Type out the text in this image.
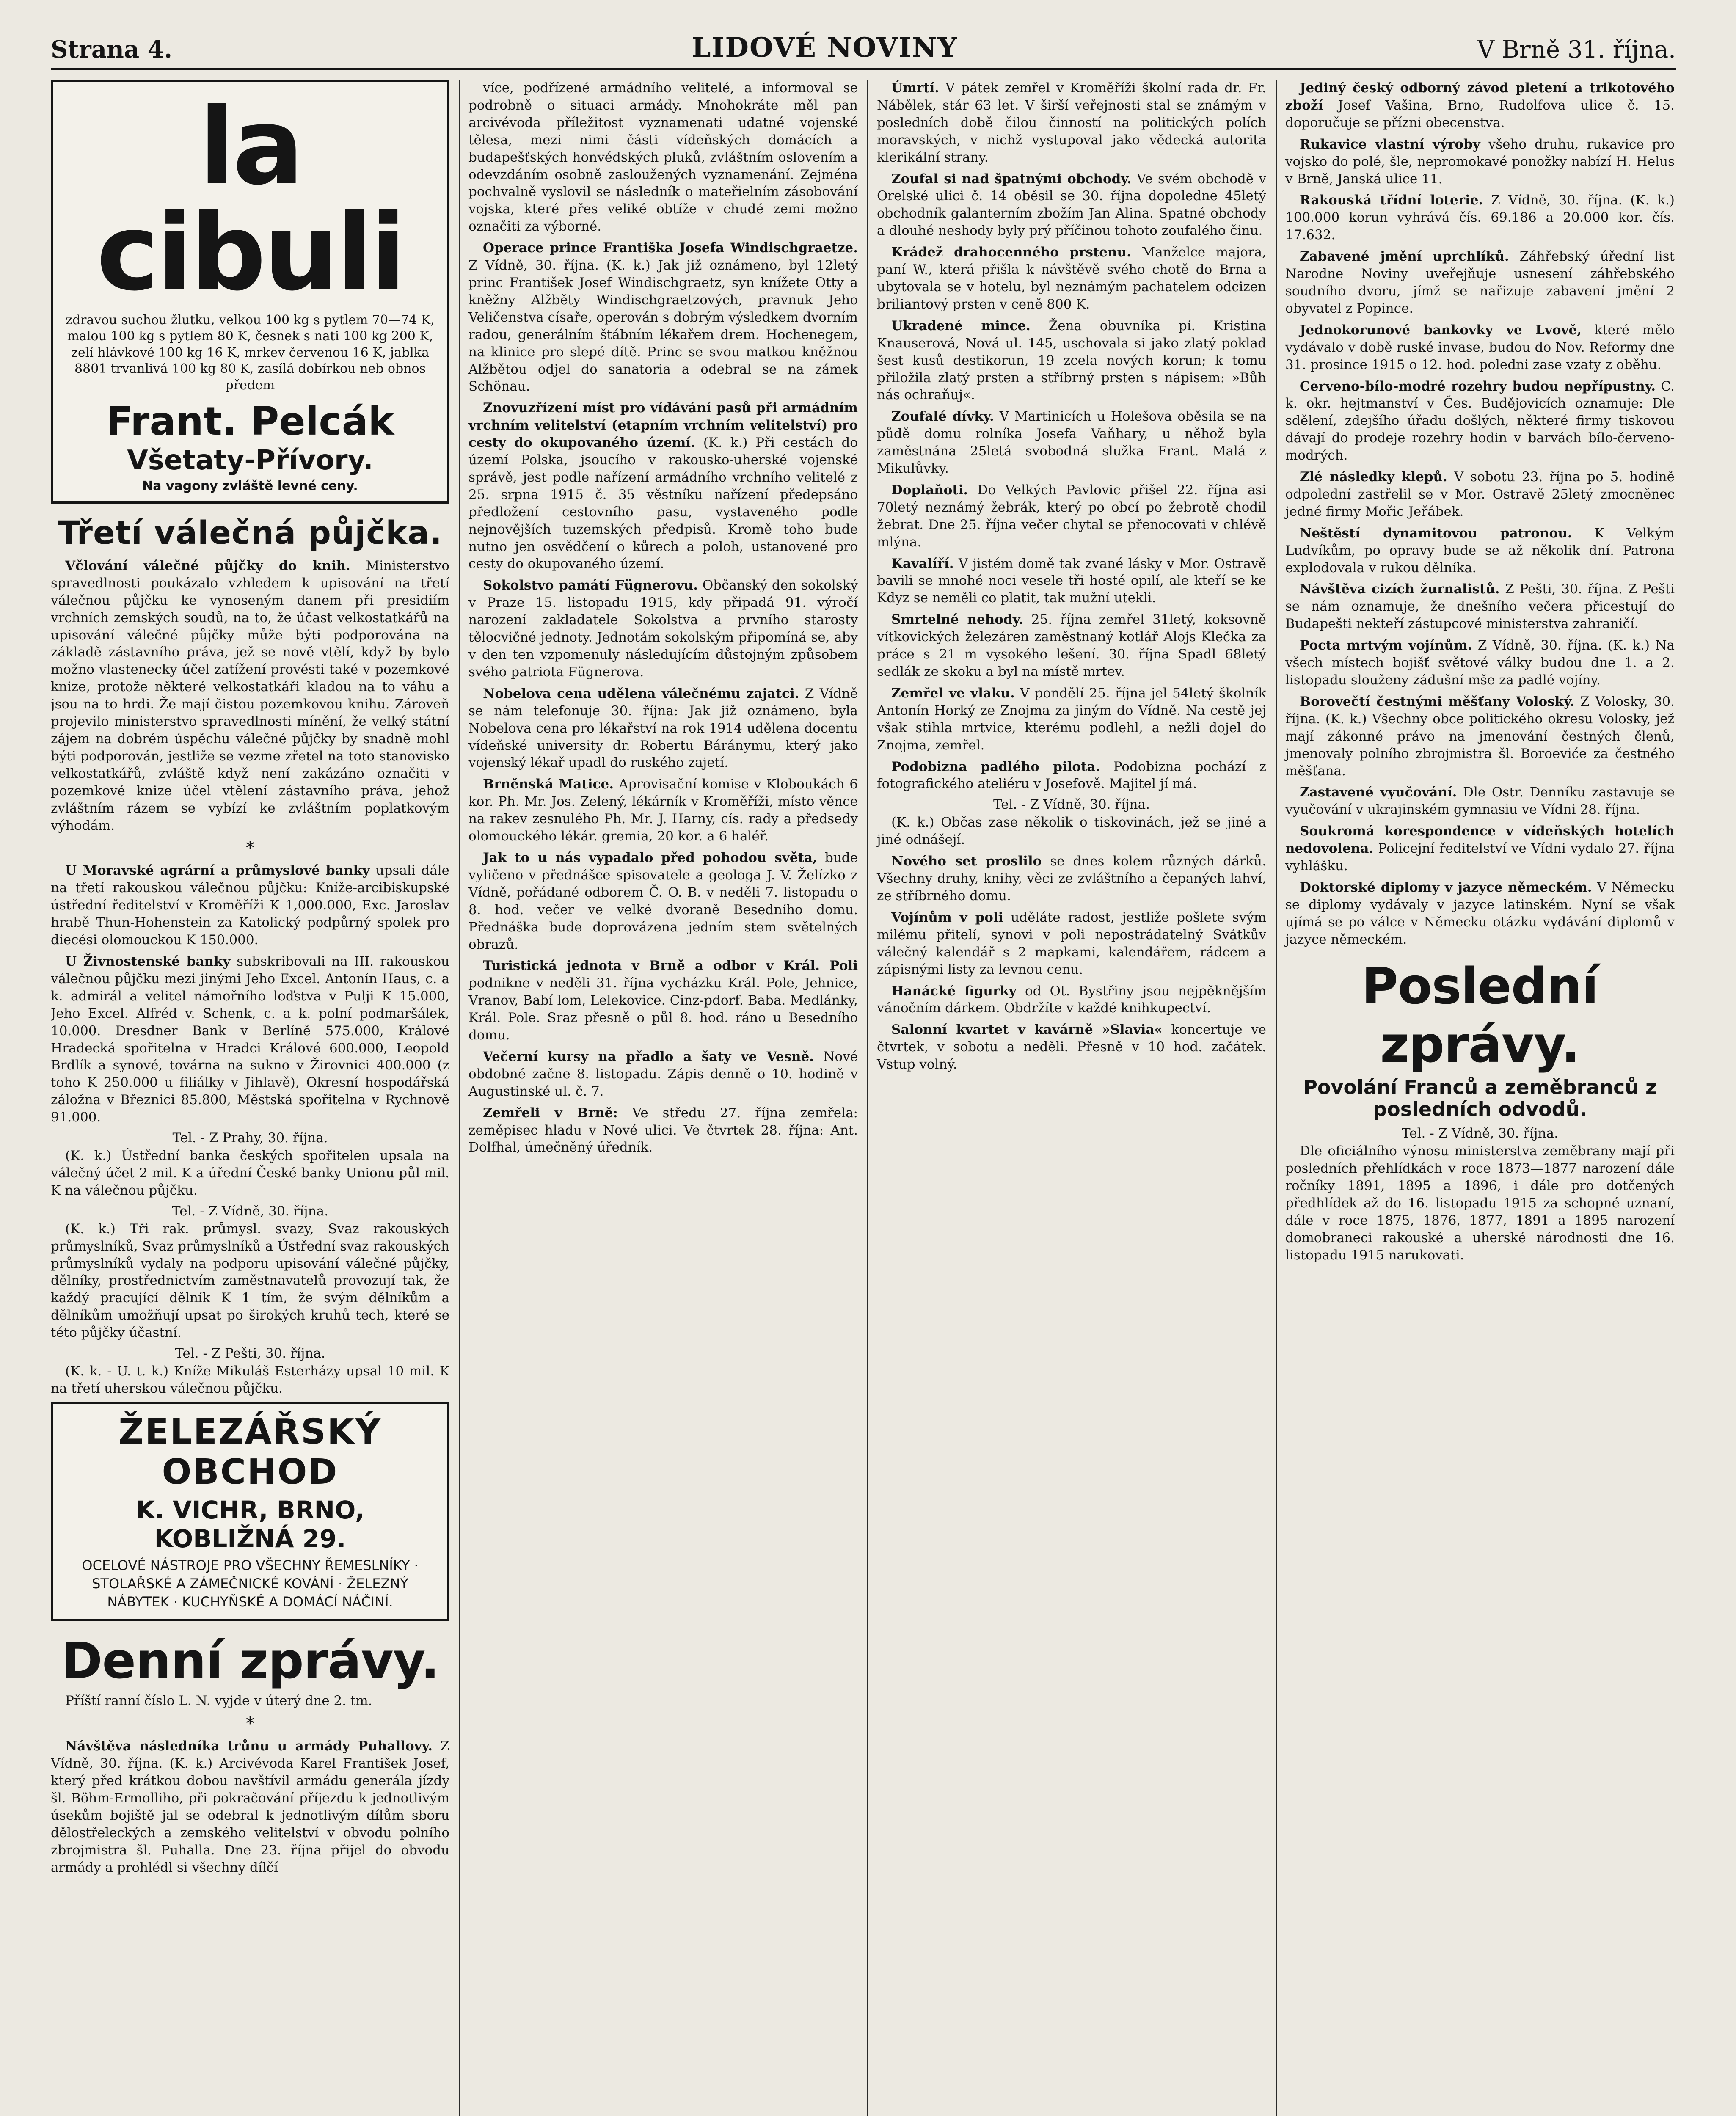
Strana 4.	LIDOVÉ NOVINY	V Brně 31. října.
la cibuli
zdravou suchou žlutku, velkou 100 kg s pytlem 70—74 K, malou 100 kg s pytlem 80 K, česnek s nati 100 kg 200 K, zelí hlávkové 100 kg 16 K, mrkev červenou 16 K, jablka 8801 trvanlivá 100 kg 80 K, zasílá dobírkou neb obnos předem
Frant. Pelcák
Všetaty-Přívory.
Na vagony zvláště levné ceny.
Třetí válečná půjčka.

Včlování válečné půjčky do knih. Ministerstvo spravedlnosti poukázalo vzhledem k upisování na třetí válečnou půjčku ke vynoseným danem při presidiím vrchních zemských soudů, na to, že účast velkostatkářů na upisování válečné půjčky může býti podporována na základě zástavního práva, jež se nově vtělí, když by bylo možno vlastenecky účel zatížení provésti také v pozemkové knize, protože některé velkostatkáři kladou na to váhu a jsou na to hrdi. Že mají čistou pozemkovou knihu. Zároveň projevilo ministerstvo spravedlnosti mínění, že velký státní zájem na dobrém úspěchu válečné půjčky by snadně mohl býti podporován, jestliže se vezme zřetel na toto stanovisko velkostatkářů, zvláště když není zakázáno označiti v pozemkové knize účel vtělení zástavního práva, jehož zvláštním rázem se vybízí ke zvláštním poplatkovým výhodám.

*

U Moravské agrární a průmyslové banky upsali dále na třetí rakouskou válečnou půjčku: Kníže-arcibiskupské ústřední ředitelství v Kroměříži K 1,000.000, Exc. Jaroslav hrabě Thun-Hohenstein za Katolický podpůrný spolek pro diecési olomouckou K 150.000.

U Živnostenské banky subskribovali na III. rakouskou válečnou půjčku mezi jinými Jeho Excel. Antonín Haus, c. a k. admirál a velitel námořního loďstva v Pulji K 15.000, Jeho Excel. Alfréd v. Schenk, c. a k. polní podmaršálek, 10.000. Dresdner Bank v Berlíně 575.000, Králové Hradecká spořitelna v Hradci Králové 600.000, Leopold Brdlík a synové, továrna na sukno v Žirovnici 400.000 (z toho K 250.000 u filiálky v Jihlavě), Okresní hospodářská záložna v Březnici 85.800, Městská spořitelna v Rychnově 91.000.

Tel. - Z Prahy, 30. října.

(K. k.) Ústřední banka českých spořitelen upsala na válečný účet 2 mil. K a úřední České banky Unionu půl mil. K na válečnou půjčku.

Tel. - Z Vídně, 30. října.

(K. k.) Tři rak. průmysl. svazy, Svaz rakouských průmyslníků, Svaz průmyslníků a Ústřední svaz rakouských průmyslníků vydaly na podporu upisování válečné půjčky, dělníky, prostřednictvím zaměstnavatelů provozují tak, že každý pracující dělník K 1 tím, že svým dělníkům a dělníkům umožňují upsat po širokých kruhů tech, které se této půjčky účastní.

Tel. - Z Pešti, 30. října.

(K. k. - U. t. k.) Kníže Mikuláš Esterházy upsal 10 mil. K na třetí uherskou válečnou půjčku.

ŽELEZÁŘSKÝ OBCHOD
K. VICHR, BRNO, KOBLIŽNÁ 29.
OCELOVÉ NÁSTROJE PRO VŠECHNY ŘEMESLNÍKY · STOLAŘSKÉ A ZÁMEČNICKÉ KOVÁNÍ · ŽELEZNÝ NÁBYTEK · KUCHYŇSKÉ A DOMÁCÍ NÁČINÍ.
Denní zprávy.

Příští ranní číslo L. N. vyjde v úterý dne 2. tm.

*

Návštěva následníka trůnu u armády Puhallovy. Z Vídně, 30. října. (K. k.) Arcivévoda Karel František Josef, který před krátkou dobou navštívil armádu generála jízdy šl. Böhm-Ermolliho, při pokračování příjezdu k jednotlivým úsekům bojiště jal se odebral k jednotlivým dílům sboru dělostřeleckých a zemského velitelství v obvodu polního zbrojmistra šl. Puhalla. Dne 23. října přijel do obvodu armády a prohlédl si všechny dílčí

více, podřízené armádního velitelé, a informoval se podrobně o situaci armády. Mnohokráte měl pan arcivévoda příležitost vyznamenati udatné vojenské tělesa, mezi nimi části vídeňských domácích a budapešťských honvédských pluků, zvláštním oslovením a odevzdáním osobně zasloužených vyznamenání. Zejména pochvalně vyslovil se následník o mateřielním zásobování vojska, které přes veliké obtíže v chudé zemi možno označiti za výborné.

Operace prince Františka Josefa Windischgraetze. Z Vídně, 30. října. (K. k.) Jak již oznámeno, byl 12letý princ František Josef Windischgraetz, syn knížete Otty a kněžny Alžběty Windischgraetzových, pravnuk Jeho Veličenstva císaře, operován s dobrým výsledkem dvorním radou, generálním štábním lékařem drem. Hochenegem, na klinice pro slepé dítě. Princ se svou matkou kněžnou Alžbětou odjel do sanatoria a odebral se na zámek Schönau.

Znovuzřízení míst pro vídávání pasů při armádním vrchním velitelství (etapním vrchním velitelství) pro cesty do okupovaného území. (K. k.) Při cestách do území Polska, jsoucího v rakousko-uherské vojenské správě, jest podle nařízení armádního vrchního velitelé z 25. srpna 1915 č. 35 věstníku nařízení předepsáno předložení cestovního pasu, vystaveného podle nejnovějších tuzemských předpisů. Kromě toho bude nutno jen osvědčení o kůrech a poloh, ustanovené pro cesty do okupovaného území.

Sokolstvo památí Fügnerovu. Občanský den sokolský v Praze 15. listopadu 1915, kdy připadá 91. výročí narození zakladatele Sokolstva a prvního starosty tělocvičné jednoty. Jednotám sokolským připomíná se, aby v den ten vzpomenuly následujícím důstojným způsobem svého patriota Fügnerova.

Nobelova cena udělena válečnému zajatci. Z Vídně se nám telefonuje 30. října: Jak již oznámeno, byla Nobelova cena pro lékařství na rok 1914 udělena docentu vídeňské university dr. Robertu Báránymu, který jako vojenský lékař upadl do ruského zajetí.

Brněnská Matice. Aprovisační komise v Kloboukách 6 kor. Ph. Mr. Jos. Zelený, lékárník v Kroměříži, místo věnce na rakev zesnulého Ph. Mr. J. Harny, cís. rady a předsedy olomouckého lékár. gremia, 20 kor. a 6 haléř.

Jak to u nás vypadalo před pohodou světa, bude vyličeno v přednášce spisovatele a geologa J. V. Želízko z Vídně, pořádané odborem Č. O. B. v neděli 7. listopadu o 8. hod. večer ve velké dvoraně Besedního domu. Přednáška bude doprovázena jedním stem světelných obrazů.

Turistická jednota v Brně a odbor v Král. Poli podnikne v neděli 31. října vycházku Král. Pole, Jehnice, Vranov, Babí lom, Lelekovice. Cinz-pdorf. Baba. Medlánky, Král. Pole. Sraz přesně o půl 8. hod. ráno u Besedního domu.

Večerní kursy na přadlo a šaty ve Vesně. Nové obdobné začne 8. listopadu. Zápis denně o 10. hodině v Augustinské ul. č. 7.

Zemřeli v Brně: Ve středu 27. října zemřela: zeměpisec hladu v Nové ulici. Ve čtvrtek 28. října: Ant. Dolfhal, úmečněný úředník.

Úmrtí. V pátek zemřel v Kroměříži školní rada dr. Fr. Nábělek, stár 63 let. V širší veřejnosti stal se známým v posledních době čilou činností na politických polích moravských, v nichž vystupoval jako vědecká autorita klerikální strany.

Zoufal si nad špatnými obchody. Ve svém obchodě v Orelské ulici č. 14 oběsil se 30. října dopoledne 45letý obchodník galanterním zbožím Jan Alina. Spatné obchody a dlouhé neshody byly prý příčinou tohoto zoufalého činu.

Krádež drahocenného prstenu. Manželce majora, paní W., která přišla k návštěvě svého chotě do Brna a ubytovala se v hotelu, byl neznámým pachatelem odcizen briliantový prsten v ceně 800 K.

Ukradené mince. Žena obuvníka pí. Kristina Knauserová, Nová ul. 145, uschovala si jako zlatý poklad šest kusů destikorun, 19 zcela nových korun; k tomu přiložila zlatý prsten a stříbrný prsten s nápisem: »Bůh nás ochraňuj«.

Zoufalé dívky. V Martinicích u Holešova oběsila se na půdě domu rolníka Josefa Vaňhary, u něhož byla zaměstnána 25letá svobodná služka Frant. Malá z Mikulůvky.

Doplaňoti. Do Velkých Pavlovic přišel 22. října asi 70letý neznámý žebrák, který po obcí po žebrotě chodil žebrat. Dne 25. října večer chytal se přenocovati v chlévě mlýna.

Kavalíří. V jistém domě tak zvané lásky v Mor. Ostravě bavili se mnohé noci vesele tři hosté opilí, ale kteří se ke Kdyz se neměli co platit, tak mužní utekli.

Smrtelné nehody. 25. října zemřel 31letý, koksovně vítkovických železáren zaměstnaný kotlář Alojs Klečka za práce s 21 m vysokého lešení. 30. října Spadl 68letý sedlák ze skoku a byl na místě mrtev.

Zemřel ve vlaku. V pondělí 25. října jel 54letý školník Antonín Horký ze Znojma za jiným do Vídně. Na cestě jej však stihla mrtvice, kterému podlehl, a nežli dojel do Znojma, zemřel.

Podobizna padlého pilota. Podobizna pochází z fotografického ateliéru v Josefově. Majitel jí má.

Tel. - Z Vídně, 30. října.

(K. k.) Občas zase několik o tiskovinách, jež se jiné a jiné odnášejí.

Nového set proslilo se dnes kolem různých dárků. Všechny druhy, knihy, věci ze zvláštního a čepaných lahví, ze stříbrného domu.

Vojínům v poli uděláte radost, jestliže pošlete svým milému přitelí, synovi v poli nepostrádatelný Svátkův válečný kalendář s 2 mapkami, kalendářem, rádcem a zápisnými listy za levnou cenu.

Hanácké figurky od Ot. Bystřiny jsou nejpěknějším vánočním dárkem. Obdržíte v každé knihkupectví.

Salonní kvartet v kavárně »Slavia« koncertuje ve čtvrtek, v sobotu a neděli. Přesně v 10 hod. začátek. Vstup volný.

Jediný český odborný závod pletení a trikotového zboží Josef Vašina, Brno, Rudolfova ulice č. 15. doporučuje se přízni obecenstva.

Rukavice vlastní výroby všeho druhu, rukavice pro vojsko do polé, šle, nepromokavé ponožky nabízí H. Helus v Brně, Janská ulice 11.

Rakouská třídní loterie. Z Vídně, 30. října. (K. k.) 100.000 korun vyhrává čís. 69.186 a 20.000 kor. čís. 17.632.

Zabavené jmění uprchlíků. Záhřebský úřední list Narodne Noviny uveřejňuje usnesení záhřebského soudního dvoru, jímž se nařizuje zabavení jmění 2 obyvatel z Popince.

Jednokorunové bankovky ve Lvově, které mělo vydávalo v době ruské invase, budou do Nov. Reformy dne 31. prosince 1915 o 12. hod. poledni zase vzaty z oběhu.

Cerveno-bílo-modré rozehry budou nepřípustny. C. k. okr. hejtmanství v Čes. Budějovicích oznamuje: Dle sdělení, zdejšího úřadu došlých, některé firmy tiskovou dávají do prodeje rozehry hodin v barvách bílo-červeno-modrých.

Zlé následky klepů. V sobotu 23. října po 5. hodině odpolední zastřelil se v Mor. Ostravě 25letý zmocněnec jedné firmy Mořic Jeřábek.

Neštěstí dynamitovou patronou. K Velkým Ludvíkům, po opravy bude se až několik dní. Patrona explodovala v rukou dělníka.

Návštěva cizích žurnalistů. Z Pešti, 30. října. Z Pešti se nám oznamuje, že dnešního večera přicestují do Budapešti nekteří zástupcové ministerstva zahraničí.

Pocta mrtvým vojínům. Z Vídně, 30. října. (K. k.) Na všech místech bojišť světové války budou dne 1. a 2. listopadu slouženy zádušní mše za padlé vojíny.

Borovečtí čestnými měšťany Voloský. Z Volosky, 30. října. (K. k.) Všechny obce politického okresu Volosky, jež mají zákonné právo na jmenování čestných členů, jmenovaly polního zbrojmistra šl. Boroeviće za čestného měšťana.

Zastavené vyučování. Dle Ostr. Denníku zastavuje se vyučování v ukrajinském gymnasiu ve Vídni 28. října.

Soukromá korespondence v vídeňských hotelích nedovolena. Policejní ředitelství ve Vídni vydalo 27. října vyhlášku.

Doktorské diplomy v jazyce německém. V Německu se diplomy vydávaly v jazyce latinském. Nyní se však ujímá se po válce v Německu otázku vydávání diplomů v jazyce německém.

Poslední zprávy.
Povolání Franců a zeměbranců z posledních odvodů.

Tel. - Z Vídně, 30. října.

Dle oficiálního výnosu ministerstva zeměbrany mají při posledních přehlídkách v roce 1873—1877 narození dále ročníky 1891, 1895 a 1896, i dále pro dotčených předhlídek až do 16. listopadu 1915 za schopné uznaní, dále v roce 1875, 1876, 1877, 1891 a 1895 narození domobraneci rakouské a uherské národnosti dne 16. listopadu 1915 narukovati.
